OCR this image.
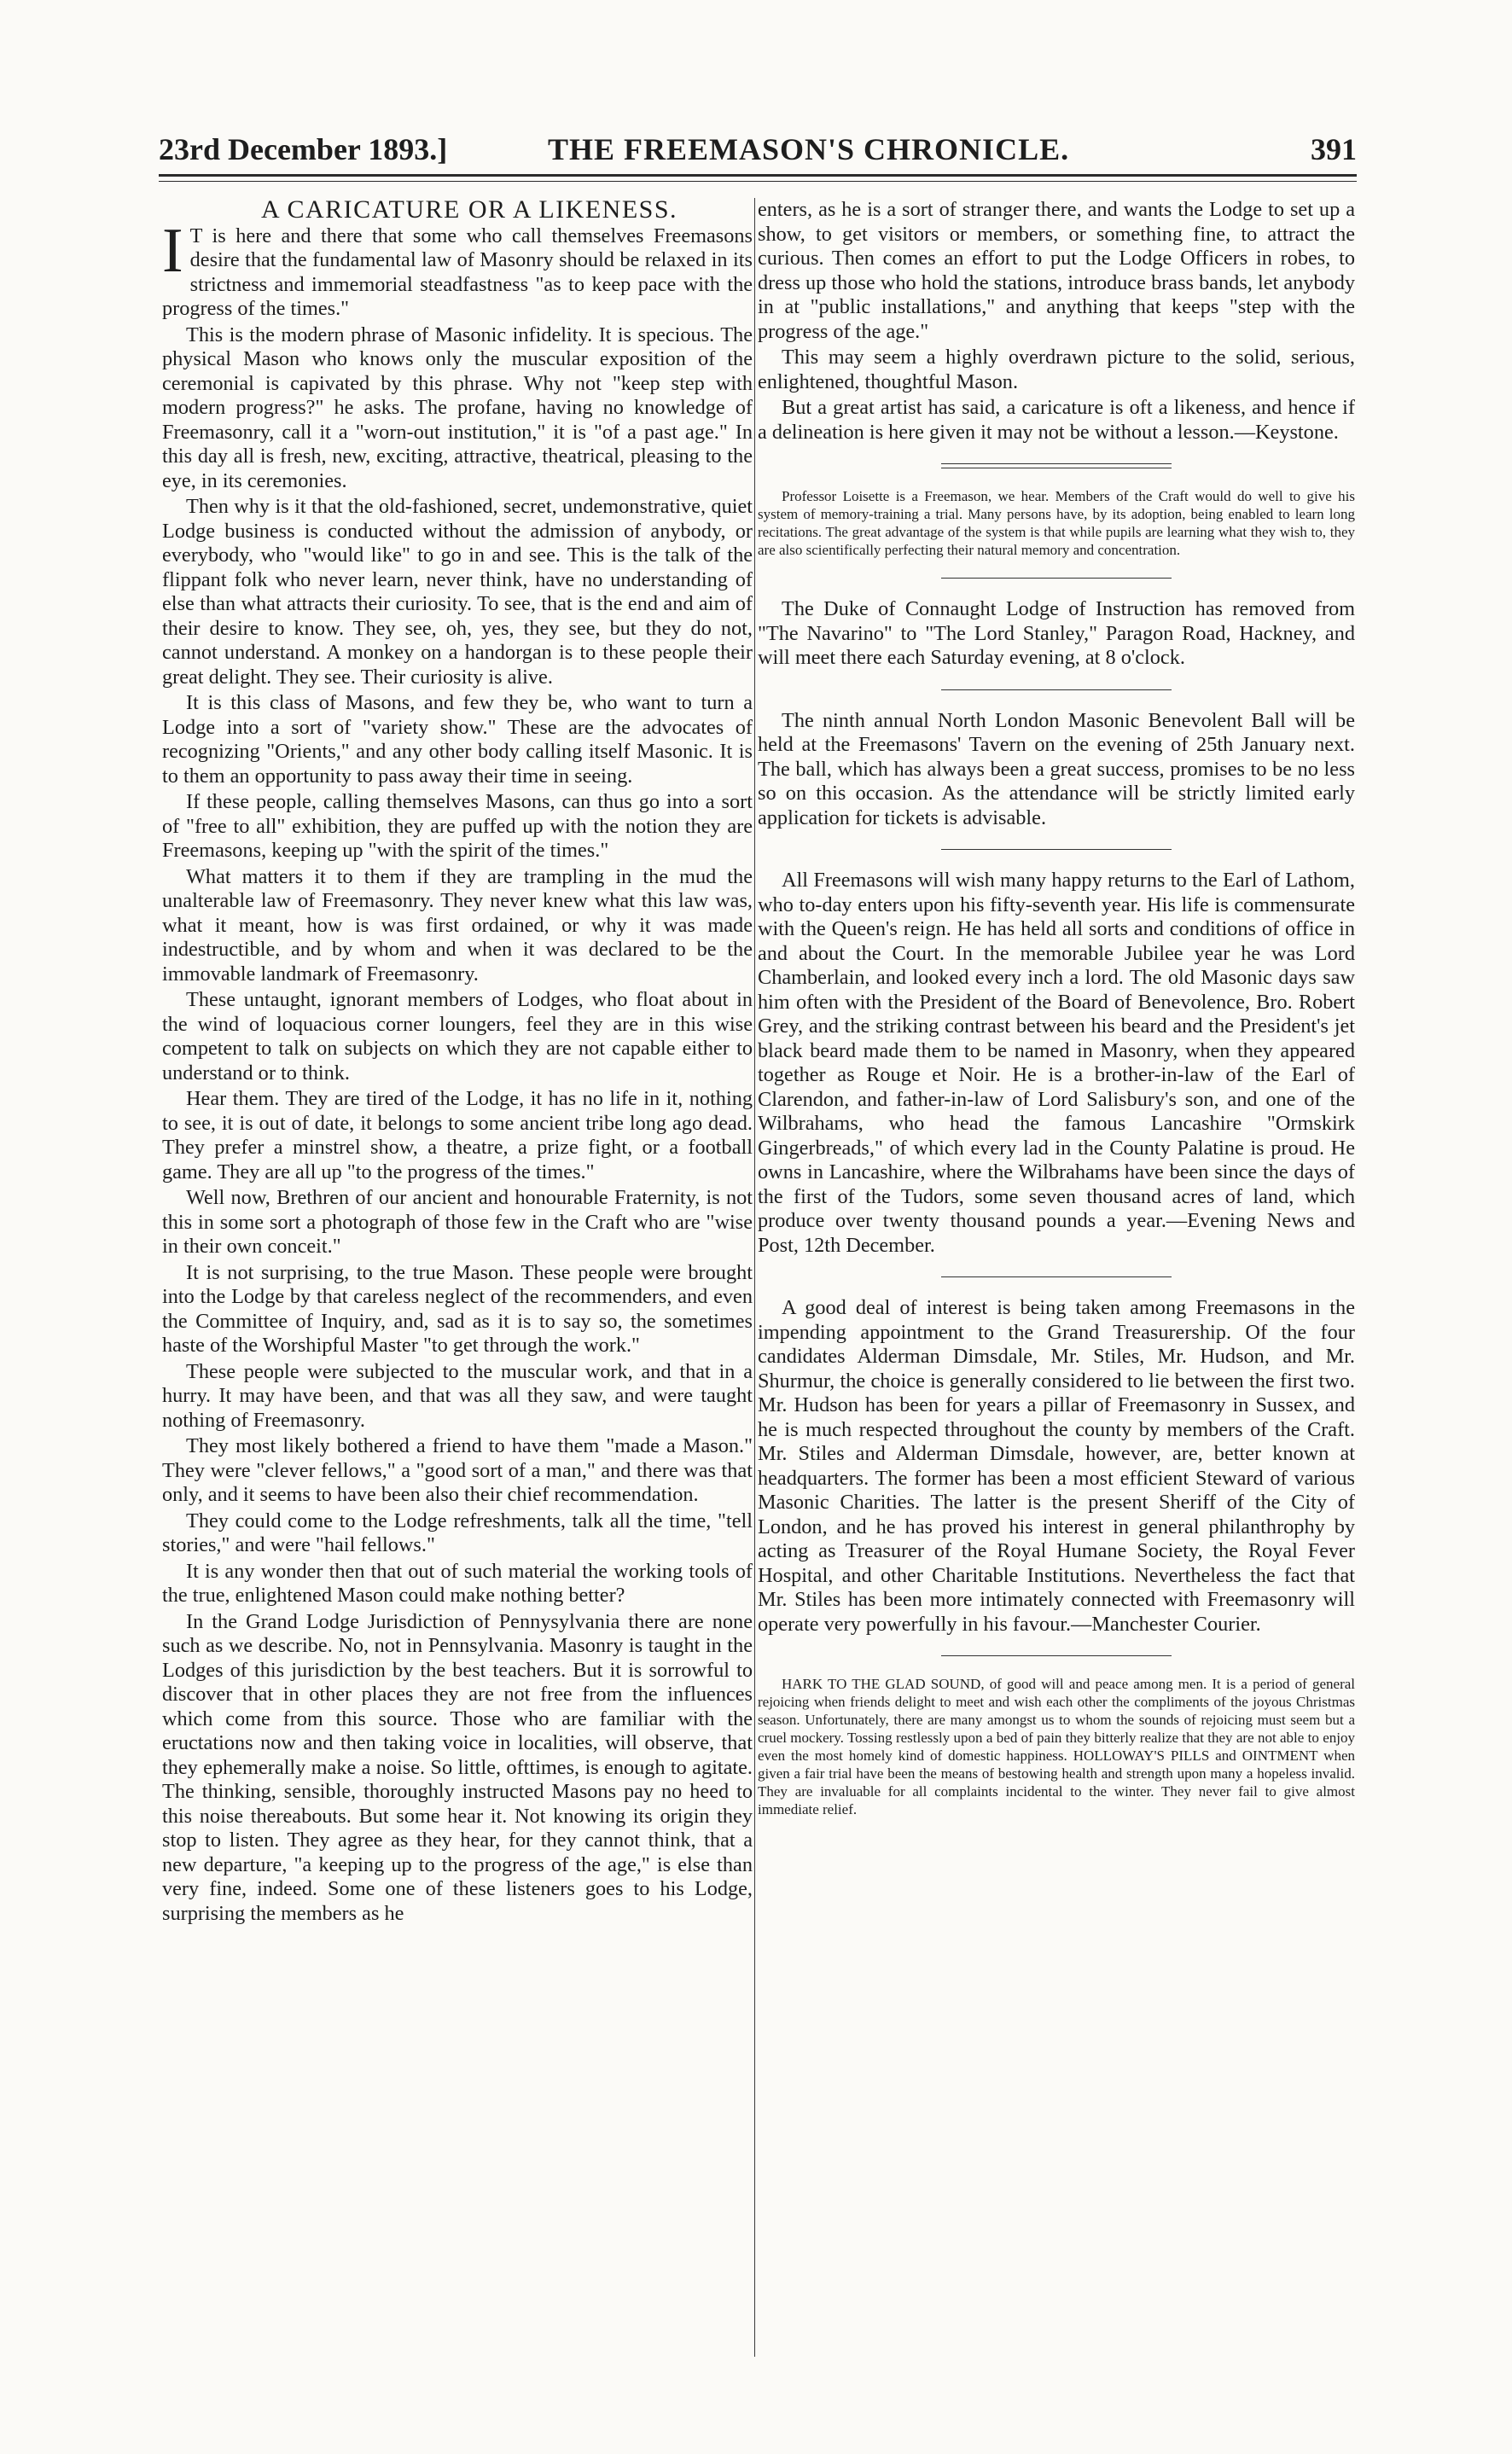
23rd December 1893.]	THE FREEMASON'S CHRONICLE.	391

A CARICATURE OR A LIKENESS.

I T is here and there that some who call themselves Freemasons desire that the fundamental law of Masonry should be relaxed in its strictness and immemorial steadfastness "as to keep pace with the progress of the times."

This is the modern phrase of Masonic infidelity. It is specious. The physical Mason who knows only the muscular exposition of the ceremonial is capivated by this phrase. Why not "keep step with modern progress?" he asks. The profane, having no knowledge of Freemasonry, call it a "worn-out institution," it is "of a past age." In this day all is fresh, new, exciting, attractive, theatrical, pleasing to the eye, in its ceremonies.

Then why is it that the old-fashioned, secret, undemonstrative, quiet Lodge business is conducted without the admission of anybody, or everybody, who "would like" to go in and see. This is the talk of the flippant folk who never learn, never think, have no understanding of else than what attracts their curiosity. To see, that is the end and aim of their desire to know. They see, oh, yes, they see, but they do not, cannot understand. A monkey on a handorgan is to these people their great delight. They see. Their curiosity is alive.

It is this class of Masons, and few they be, who want to turn a Lodge into a sort of "variety show." These are the advocates of recognizing "Orients," and any other body calling itself Masonic. It is to them an opportunity to pass away their time in seeing.

If these people, calling themselves Masons, can thus go into a sort of "free to all" exhibition, they are puffed up with the notion they are Freemasons, keeping up "with the spirit of the times."

What matters it to them if they are trampling in the mud the unalterable law of Freemasonry. They never knew what this law was, what it meant, how is was first ordained, or why it was made indestructible, and by whom and when it was declared to be the immovable landmark of Freemasonry.

These untaught, ignorant members of Lodges, who float about in the wind of loquacious corner loungers, feel they are in this wise competent to talk on subjects on which they are not capable either to understand or to think.

Hear them. They are tired of the Lodge, it has no life in it, nothing to see, it is out of date, it belongs to some ancient tribe long ago dead. They prefer a minstrel show, a theatre, a prize fight, or a football game. They are all up "to the progress of the times."

Well now, Brethren of our ancient and honourable Fraternity, is not this in some sort a photograph of those few in the Craft who are "wise in their own conceit."

It is not surprising, to the true Mason. These people were brought into the Lodge by that careless neglect of the recommenders, and even the Committee of Inquiry, and, sad as it is to say so, the sometimes haste of the Worshipful Master "to get through the work."

These people were subjected to the muscular work, and that in a hurry. It may have been, and that was all they saw, and were taught nothing of Freemasonry.

They most likely bothered a friend to have them "made a Mason." They were "clever fellows," a "good sort of a man," and there was that only, and it seems to have been also their chief recommendation.

They could come to the Lodge refreshments, talk all the time, "tell stories," and were "hail fellows."

It is any wonder then that out of such material the working tools of the true, enlightened Mason could make nothing better?

In the Grand Lodge Jurisdiction of Pennysylvania there are none such as we describe. No, not in Pennsylvania. Masonry is taught in the Lodges of this jurisdiction by the best teachers. But it is sorrowful to discover that in other places they are not free from the influences which come from this source. Those who are familiar with the eructations now and then taking voice in localities, will observe, that they ephemerally make a noise. So little, ofttimes, is enough to agitate. The thinking, sensible, thoroughly instructed Masons pay no heed to this noise thereabouts. But some hear it. Not knowing its origin they stop to listen. They agree as they hear, for they cannot think, that a new departure, "a keeping up to the progress of the age," is else than very fine, indeed. Some one of these listeners goes to his Lodge, surprising the members as he

enters, as he is a sort of stranger there, and wants the Lodge to set up a show, to get visitors or members, or something fine, to attract the curious. Then comes an effort to put the Lodge Officers in robes, to dress up those who hold the stations, introduce brass bands, let anybody in at "public installations," and anything that keeps "step with the progress of the age."

This may seem a highly overdrawn picture to the solid, serious, enlightened, thoughtful Mason.

But a great artist has said, a caricature is oft a likeness, and hence if a delineation is here given it may not be without a lesson.—Keystone.

Professor Loisette is a Freemason, we hear. Members of the Craft would do well to give his system of memory-training a trial. Many persons have, by its adoption, being enabled to learn long recitations. The great advantage of the system is that while pupils are learning what they wish to, they are also scientifically perfecting their natural memory and concentration.

The Duke of Connaught Lodge of Instruction has removed from "The Navarino" to "The Lord Stanley," Paragon Road, Hackney, and will meet there each Saturday evening, at 8 o'clock.

The ninth annual North London Masonic Benevolent Ball will be held at the Freemasons' Tavern on the evening of 25th January next. The ball, which has always been a great success, promises to be no less so on this occasion. As the attendance will be strictly limited early application for tickets is advisable.

All Freemasons will wish many happy returns to the Earl of Lathom, who to-day enters upon his fifty-seventh year. His life is commensurate with the Queen's reign. He has held all sorts and conditions of office in and about the Court. In the memorable Jubilee year he was Lord Chamberlain, and looked every inch a lord. The old Masonic days saw him often with the President of the Board of Benevolence, Bro. Robert Grey, and the striking contrast between his beard and the President's jet black beard made them to be named in Masonry, when they appeared together as Rouge et Noir. He is a brother-in-law of the Earl of Clarendon, and father-in-law of Lord Salisbury's son, and one of the Wilbrahams, who head the famous Lancashire "Ormskirk Gingerbreads," of which every lad in the County Palatine is proud. He owns in Lancashire, where the Wilbrahams have been since the days of the first of the Tudors, some seven thousand acres of land, which produce over twenty thousand pounds a year.—Evening News and Post, 12th December.

A good deal of interest is being taken among Freemasons in the impending appointment to the Grand Treasurership. Of the four candidates Alderman Dimsdale, Mr. Stiles, Mr. Hudson, and Mr. Shurmur, the choice is generally considered to lie between the first two. Mr. Hudson has been for years a pillar of Freemasonry in Sussex, and he is much respected throughout the county by members of the Craft. Mr. Stiles and Alderman Dimsdale, however, are, better known at headquarters. The former has been a most efficient Steward of various Masonic Charities. The latter is the present Sheriff of the City of London, and he has proved his interest in general philanthrophy by acting as Treasurer of the Royal Humane Society, the Royal Fever Hospital, and other Charitable Institutions. Nevertheless the fact that Mr. Stiles has been more intimately connected with Freemasonry will operate very powerfully in his favour.—Manchester Courier.

HARK TO THE GLAD SOUND, of good will and peace among men. It is a period of general rejoicing when friends delight to meet and wish each other the compliments of the joyous Christmas season. Unfortunately, there are many amongst us to whom the sounds of rejoicing must seem but a cruel mockery. Tossing restlessly upon a bed of pain they bitterly realize that they are not able to enjoy even the most homely kind of domestic happiness. HOLLOWAY'S PILLS and OINTMENT when given a fair trial have been the means of bestowing health and strength upon many a hopeless invalid. They are invaluable for all complaints incidental to the winter. They never fail to give almost immediate relief.
